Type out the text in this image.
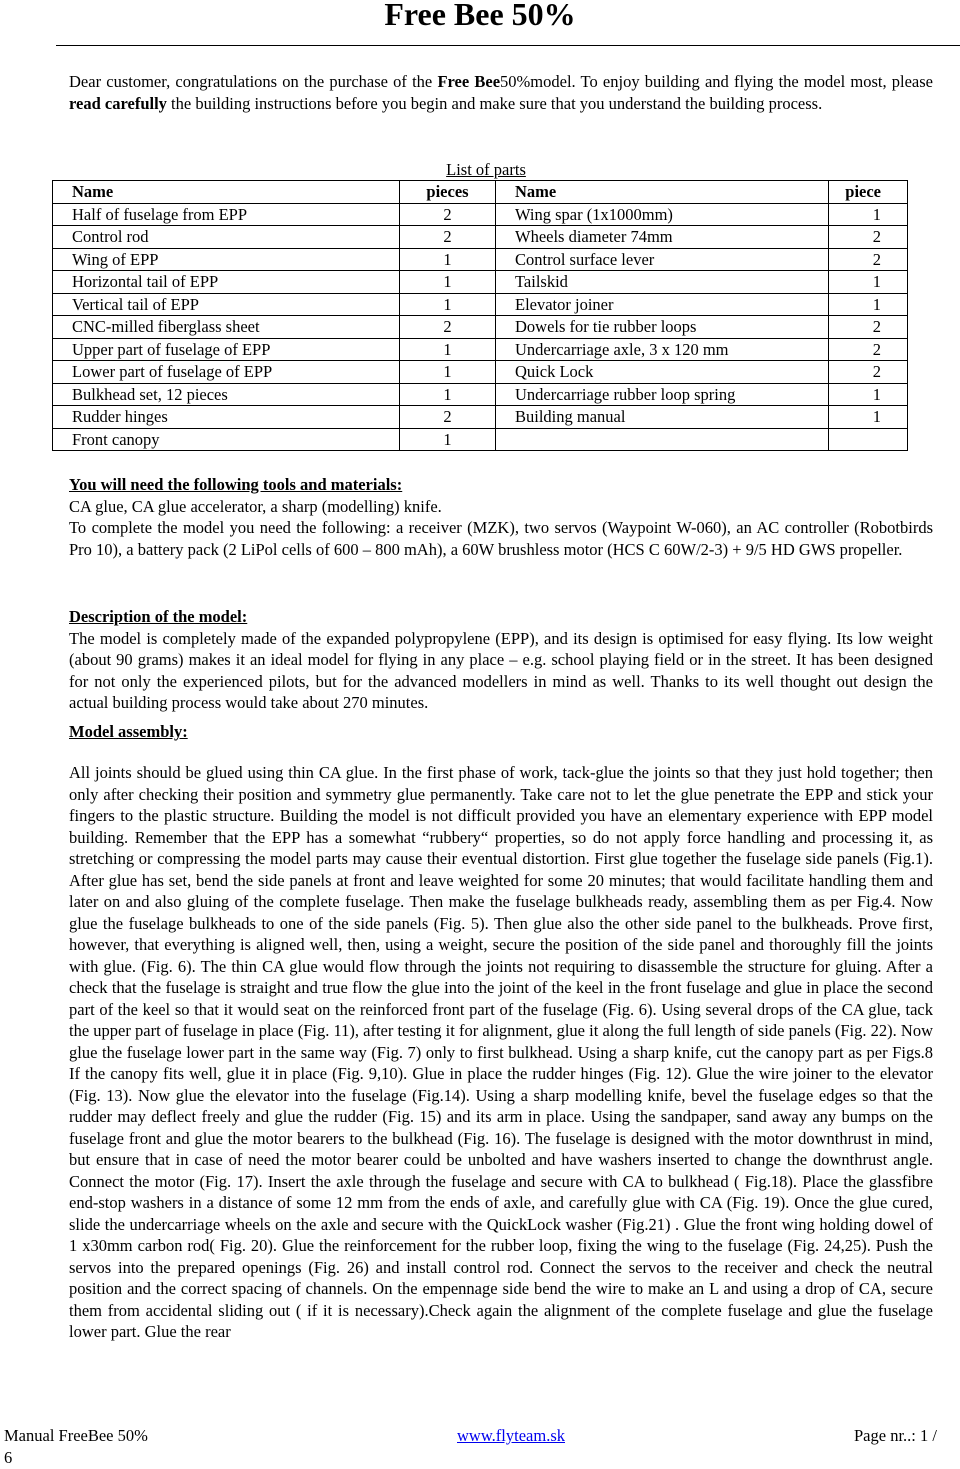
Free Bee 50%

Dear customer, congratulations on the purchase of the Free Bee50%model. To enjoy building and flying the model most, please read carefully the building instructions before you begin and make sure that you understand the building process.

List of parts
Name	pieces	Name	piece
Half of fuselage from EPP	2	Wing spar (1x1000mm)	1
Control rod	2	Wheels diameter 74mm	2
Wing of EPP	1	Control surface lever	2
Horizontal tail of EPP	1	Tailskid	1
Vertical tail of EPP	1	Elevator joiner	1
CNC-milled fiberglass sheet	2	Dowels for tie rubber loops	2
Upper part of fuselage of EPP	1	Undercarriage axle, 3 x 120 mm	2
Lower part of fuselage of EPP	1	Quick Lock	2
Bulkhead set, 12 pieces	1	Undercarriage rubber loop spring	1
Rudder hinges	2	Building manual	1
Front canopy	1		

You will need the following tools and materials:

CA glue, CA glue accelerator, a sharp (modelling) knife.

To complete the model you need the following: a receiver (MZK), two servos (Waypoint W-060), an AC controller (Robotbirds Pro 10), a battery pack (2 LiPol cells of 600 – 800 mAh), a 60W brushless motor (HCS C 60W/2-3) + 9/5 HD GWS propeller.

Description of the model:

The model is completely made of the expanded polypropylene (EPP), and its design is optimised for easy flying. Its low weight (about 90 grams) makes it an ideal model for flying in any place – e.g. school playing field or in the street. It has been designed for not only the experienced pilots, but for the advanced modellers in mind as well. Thanks to its well thought out design the actual building process would take about 270 minutes.

Model assembly:

All joints should be glued using thin CA glue. In the first phase of work, tack-glue the joints so that they just hold together; then only after checking their position and symmetry glue permanently. Take care not to let the glue penetrate the EPP and stick your fingers to the plastic structure. Building the model is not difficult provided you have an elementary experience with EPP model building. Remember that the EPP has a somewhat “rubbery“ properties, so do not apply force handling and processing it, as stretching or compressing the model parts may cause their eventual distortion. First glue together the fuselage side panels (Fig.1). After glue has set, bend the side panels at front and leave weighted for some 20 minutes; that would facilitate handling them and later on and also gluing of the complete fuselage. Then make the fuselage bulkheads ready, assembling them as per Fig.4. Now glue the fuselage bulkheads to one of the side panels (Fig. 5). Then glue also the other side panel to the bulkheads. Prove first, however, that everything is aligned well, then, using a weight, secure the position of the side panel and thoroughly fill the joints with glue. (Fig. 6). The thin CA glue would flow through the joints not requiring to disassemble the structure for gluing. After a check that the fuselage is straight and true flow the glue into the joint of the keel in the front fuselage and glue in place the second part of the keel so that it would seat on the reinforced front part of the fuselage (Fig. 6). Using several drops of the CA glue, tack the upper part of fuselage in place (Fig. 11), after testing it for alignment, glue it along the full length of side panels (Fig. 22). Now glue the fuselage lower part in the same way (Fig. 7) only to first bulkhead. Using a sharp knife, cut the canopy part as per Figs.8 If the canopy fits well, glue it in place (Fig. 9,10). Glue in place the rudder hinges (Fig. 12). Glue the wire joiner to the elevator (Fig. 13). Now glue the elevator into the fuselage (Fig.14). Using a sharp modelling knife, bevel the fuselage edges so that the rudder may deflect freely and glue the rudder (Fig. 15) and its arm in place. Using the sandpaper, sand away any bumps on the fuselage front and glue the motor bearers to the bulkhead (Fig. 16). The fuselage is designed with the motor downthrust in mind, but ensure that in case of need the motor bearer could be unbolted and have washers inserted to change the downthrust angle. Connect the motor (Fig. 17). Insert the axle through the fuselage and secure with CA to bulkhead ( Fig.18). Place the glassfibre end-stop washers in a distance of some 12 mm from the ends of axle, and carefully glue with CA (Fig. 19). Once the glue cured, slide the undercarriage wheels on the axle and secure with the QuickLock washer (Fig.21) . Glue the front wing holding dowel of 1 x30mm carbon rod( Fig. 20). Glue the reinforcement for the rubber loop, fixing the wing to the fuselage (Fig. 24,25). Push the servos into the prepared openings (Fig. 26) and install control rod. Connect the servos to the receiver and check the neutral position and the correct spacing of channels. On the empennage side bend the wire to make an L and using a drop of CA, secure them from accidental sliding out ( if it is necessary).Check again the alignment of the complete fuselage and glue the fuselage lower part. Glue the rear

Manual FreeBee 50%	www.flyteam.sk	Page nr..: 1 /
6
